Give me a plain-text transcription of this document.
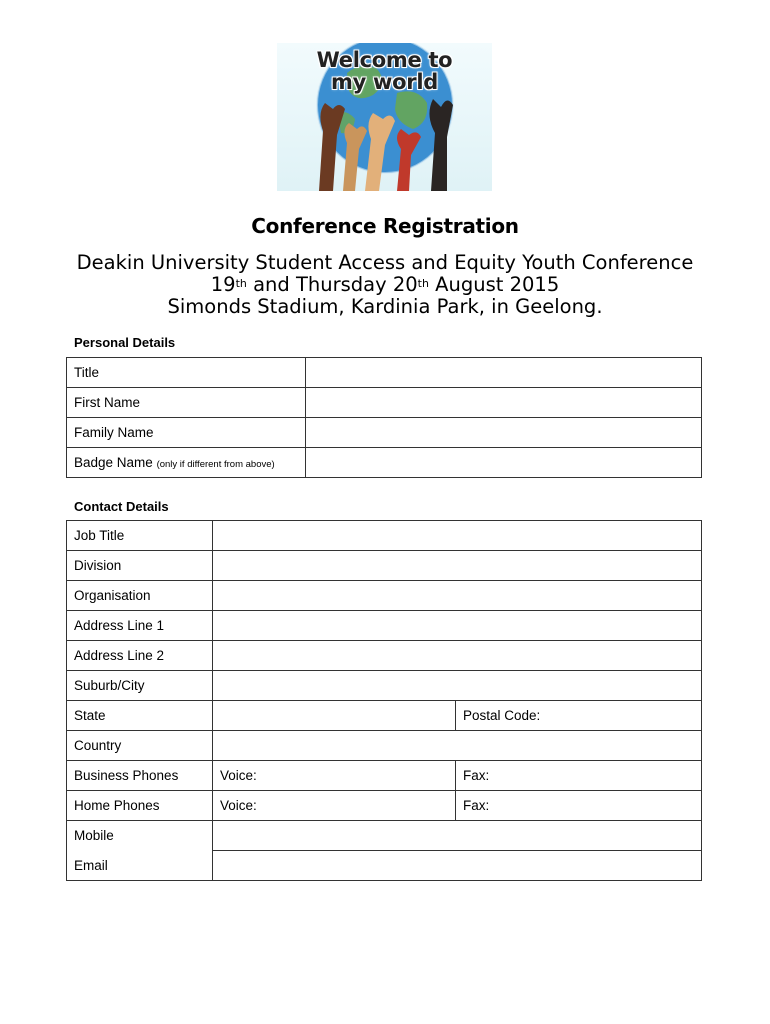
Welcome to
my world
Conference Registration
Deakin University Student Access and Equity Youth Conference
19th and Thursday 20th August 2015
Simonds Stadium, Kardinia Park, in Geelong.
Personal Details
Title	
First Name	
Family Name	
Badge Name (only if different from above)	
Contact Details
Job Title		
Division		
Organisation		
Address Line 1		
Address Line 2		
Suburb/City		
State		Postal Code:
Country		
Business Phones	Voice:	Fax:
Home Phones	Voice:	Fax:
Mobile		
Email		
